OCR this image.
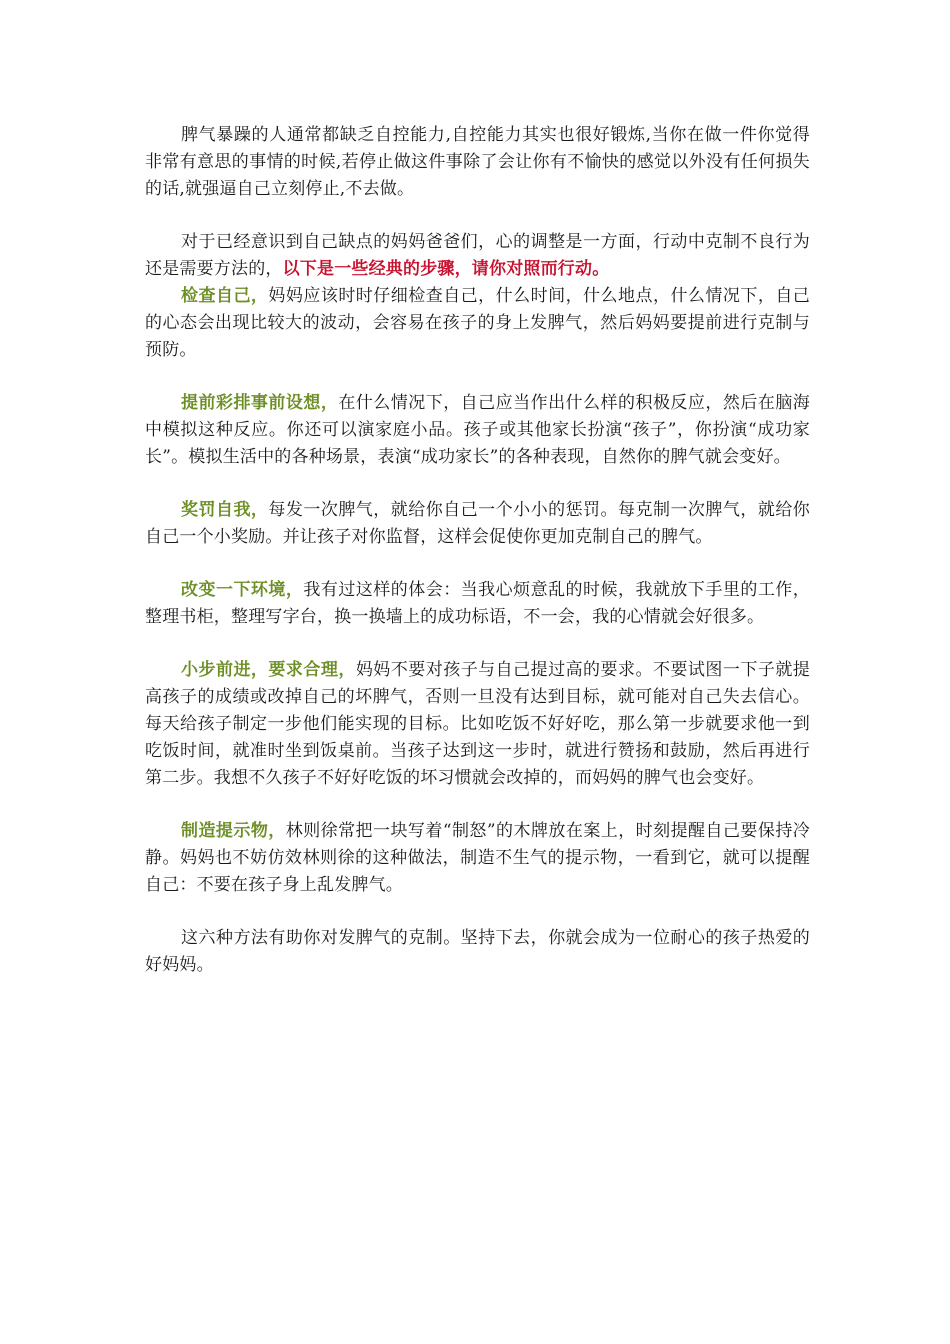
脾气暴躁的人通常都缺乏自控能力,自控能力其实也很好锻炼,当你在做一件你觉得非常有意思的事情的时候,若停止做这件事除了会让你有不愉快的感觉以外没有任何损失的话,就强逼自己立刻停止,不去做。

对于已经意识到自己缺点的妈妈爸爸们，心的调整是一方面，行动中克制不良行为还是需要方法的，以下是一些经典的步骤，请你对照而行动。

检查自己，妈妈应该时时仔细检查自己，什么时间，什么地点，什么情况下，自己的心态会出现比较大的波动，会容易在孩子的身上发脾气，然后妈妈要提前进行克制与预防。

提前彩排事前设想，在什么情况下，自己应当作出什么样的积极反应，然后在脑海中模拟这种反应。你还可以演家庭小品。孩子或其他家长扮演“孩子”，你扮演“成功家长”。模拟生活中的各种场景，表演“成功家长”的各种表现，自然你的脾气就会变好。

奖罚自我，每发一次脾气，就给你自己一个小小的惩罚。每克制一次脾气，就给你自己一个小奖励。并让孩子对你监督，这样会促使你更加克制自己的脾气。

改变一下环境，我有过这样的体会：当我心烦意乱的时候，我就放下手里的工作，整理书柜，整理写字台，换一换墙上的成功标语，不一会，我的心情就会好很多。

小步前进，要求合理，妈妈不要对孩子与自己提过高的要求。不要试图一下子就提高孩子的成绩或改掉自己的坏脾气，否则一旦没有达到目标，就可能对自己失去信心。每天给孩子制定一步他们能实现的目标。比如吃饭不好好吃，那么第一步就要求他一到吃饭时间，就准时坐到饭桌前。当孩子达到这一步时，就进行赞扬和鼓励，然后再进行第二步。我想不久孩子不好好吃饭的坏习惯就会改掉的，而妈妈的脾气也会变好。

制造提示物，林则徐常把一块写着“制怒”的木牌放在案上，时刻提醒自己要保持冷静。妈妈也不妨仿效林则徐的这种做法，制造不生气的提示物，一看到它，就可以提醒自己：不要在孩子身上乱发脾气。

这六种方法有助你对发脾气的克制。坚持下去，你就会成为一位耐心的孩子热爱的好妈妈。
